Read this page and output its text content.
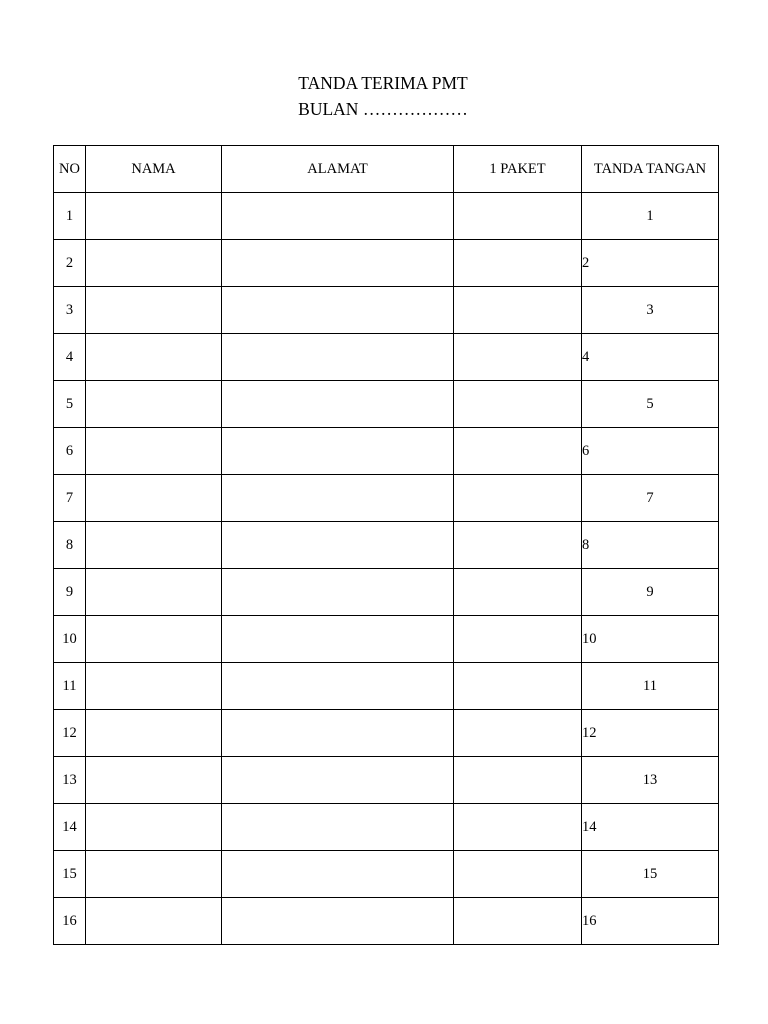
TANDA TERIMA PMT
BULAN ………………
NO	NAMA	ALAMAT	1 PAKET	TANDA TANGAN
1				1
2				2
3				3
4				4
5				5
6				6
7				7
8				8
9				9
10				10
11				11
12				12
13				13
14				14
15				15
16				16
